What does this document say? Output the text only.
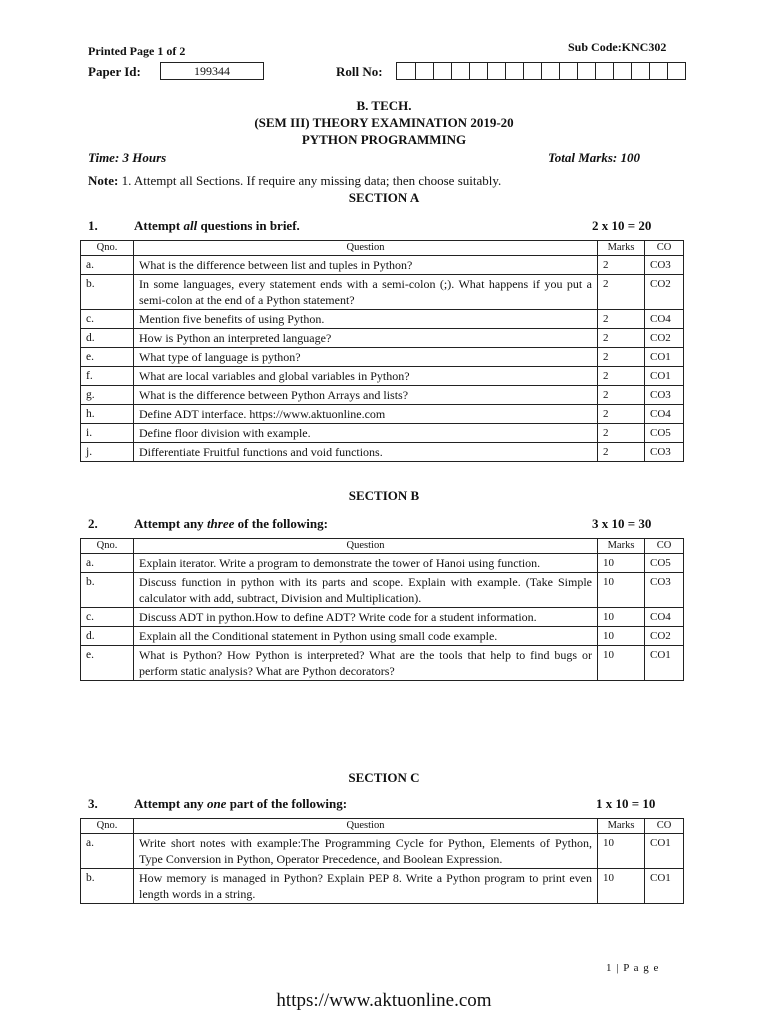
Printed Page 1 of 2	Sub Code:KNC302
Paper Id:	199344	Roll No:
B. TECH.
(SEM III) THEORY EXAMINATION 2019-20
PYTHON PROGRAMMING
Time: 3 Hours	Total Marks: 100
Note: 1. Attempt all Sections. If require any missing data; then choose suitably.
SECTION A
1.	Attempt all questions in brief.	2 x 10 = 20
Qno.	Question	Marks	CO
a.	What is the difference between list and tuples in Python?	2	CO3
b.	In some languages, every statement ends with a semi-colon (;). What happens if you put a semi-colon at the end of a Python statement?	2	CO2
c.	Mention five benefits of using Python.	2	CO4
d.	How is Python an interpreted language?	2	CO2
e.	What type of language is python?	2	CO1
f.	What are local variables and global variables in Python?	2	CO1
g.	What is the difference between Python Arrays and lists?	2	CO3
h.	Define ADT interface. https://www.aktuonline.com	2	CO4
i.	Define floor division with example.	2	CO5
j.	Differentiate Fruitful functions and void functions.	2	CO3
SECTION B
2.	Attempt any three of the following:	3 x 10 = 30
Qno.	Question	Marks	CO
a.	Explain iterator. Write a program to demonstrate the tower of Hanoi using function.	10	CO5
b.	Discuss function in python with its parts and scope. Explain with example. (Take Simple calculator with add, subtract, Division and Multiplication).	10	CO3
c.	Discuss ADT in python.How to define ADT? Write code for a student information.	10	CO4
d.	Explain all the Conditional statement in Python using small code example.	10	CO2
e.	What is Python? How Python is interpreted? What are the tools that help to find bugs or perform static analysis? What are Python decorators?	10	CO1
SECTION C
3.	Attempt any one part of the following:	1 x 10 = 10
Qno.	Question	Marks	CO
a.	Write short notes with example:The Programming Cycle for Python, Elements of Python, Type Conversion in Python, Operator Precedence, and Boolean Expression.	10	CO1
b.	How memory is managed in Python? Explain PEP 8. Write a Python program to print even length words in a string.	10	CO1
1 | P a g e
https://www.aktuonline.com
